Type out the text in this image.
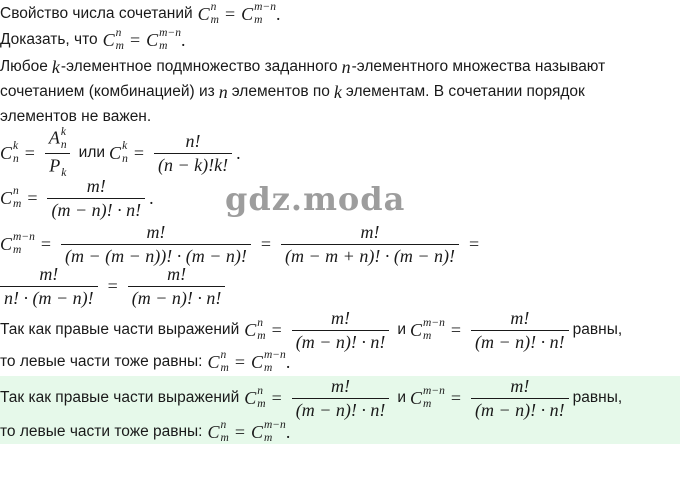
gdz.moda
Свойство числа сочетаний C n
m = C m−n
m .
Доказать, что C n
m = C m−n
m .
Любое k -элементное подмножество заданного n -элементного множества называют
сочетанием (комбинацией) из n элементов по k элементам. В сочетании порядок
элементов не важен.
C k
n = A k
n
P
k или C k
$n = \frac{n!}{(n - k)!k!}$ .
C n
$m = \frac{m!}{(m - n)! \cdot n!}$ .
C m−n
m	= $\frac{m!}{(m - (m - n))! \cdot (m - n)!} = \frac{m!}{(m - m + n)! \cdot (m - n)!}$ =
$\frac{m!}{n! \cdot (m - n)!} = \frac{m!}{(m - n)! \cdot n!}$
Так как правые части выражений C n
$m = \frac{m!}{(m - n)! \cdot n!}$ и C m−n
m	= $\frac{m!}{(m - n)! \cdot n!}$ равны,
то левые части тоже равны: C n
m = C m−n
m .
Так как правые части выражений C n
$m = \frac{m!}{(m - n)! \cdot n!}$ и C m−n
m	= $\frac{m!}{(m - n)! \cdot n!}$ равны,
то левые части тоже равны: C n
m = C m−n
m .
